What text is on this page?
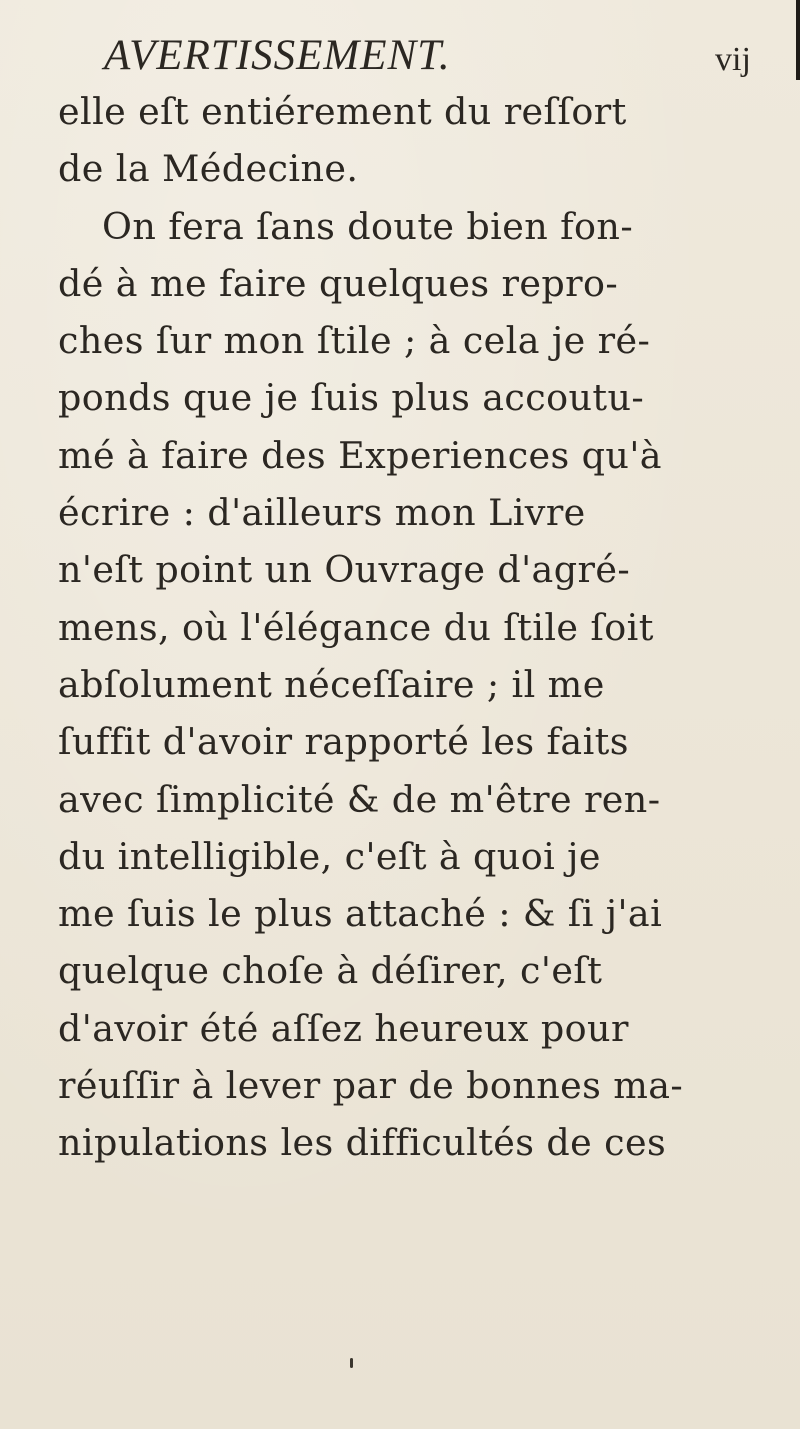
AVERTISSEMENT.	vij
elle eſt entiérement du reſſort
de la Médecine.
On fera ſans doute bien fon-
dé à me faire quelques repro-
ches ſur mon ſtile ; à cela je ré-
ponds que je ſuis plus accoutu-
mé à faire des Experiences qu'à
écrire : d'ailleurs mon Livre
n'eſt point un Ouvrage d'agré-
mens, où l'élégance du ſtile ſoit
abſolument néceſſaire ; il me
ſuffit d'avoir rapporté les faits
avec ſimplicité & de m'être ren-
du intelligible, c'eſt à quoi je
me ſuis le plus attaché : & ſi j'ai
quelque choſe à déſirer, c'eſt
d'avoir été aſſez heureux pour
réuſſir à lever par de bonnes ma-
nipulations les difficultés de ces
